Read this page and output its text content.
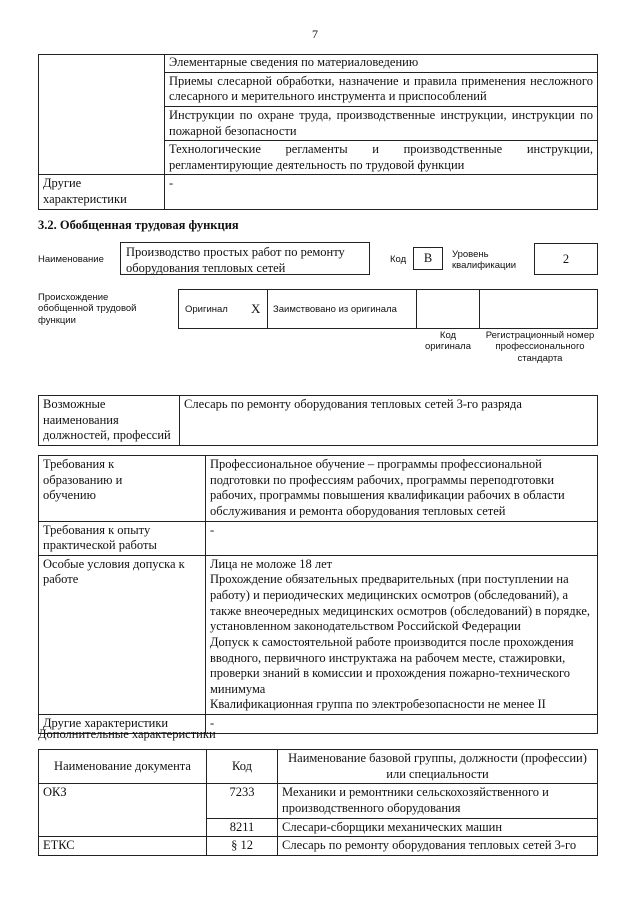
7
	Элементарные сведения по материаловедению
	Приемы слесарной обработки, назначение и правила применения несложного слесарного и мерительного инструмента и приспособлений
	Инструкции по охране труда, производственные инструкции, инструкции по пожарной безопасности
	Технологические регламенты и производственные инструкции, регламентирующие деятельность по трудовой функции
Другие характеристики	-
3.2. Обобщенная трудовая функция
Наименование
Производство простых работ по ремонту оборудования тепловых сетей
Код	В	Уровень квалификации	2
Происхождение обобщенной трудовой функции
Оригинал X Заимствовано из оригинала
Код оригинала
Регистрационный номер профессионального стандарта
Возможные наименования должностей, профессий	Слесарь по ремонту оборудования тепловых сетей 3-го разряда
Требования к образованию и обучению	Профессиональное обучение – программы профессиональной подготовки по профессиям рабочих, программы переподготовки рабочих, программы повышения квалификации рабочих в области обслуживания и ремонта оборудования тепловых сетей
Требования к опыту практической работы	-
Особые условия допуска к работе	Лица не моложе 18 лет
Прохождение обязательных предварительных (при поступлении на работу) и периодических медицинских осмотров (обследований), а также внеочередных медицинских осмотров (обследований) в порядке, установленном законодательством Российской Федерации
Допуск к самостоятельной работе производится после прохождения вводного, первичного инструктажа на рабочем месте, стажировки, проверки знаний в комиссии и прохождения пожарно-технического минимума
Квалификационная группа по электробезопасности не менее II

Другие характеристики	-
Дополнительные характеристики
Наименование документа	Код	Наименование базовой группы, должности (профессии) или специальности
ОКЗ	7233	Механики и ремонтники сельскохозяйственного и производственного оборудования
	8211	Слесари-сборщики механических машин
ЕТКС	§ 12	Слесарь по ремонту оборудования тепловых сетей 3-го
